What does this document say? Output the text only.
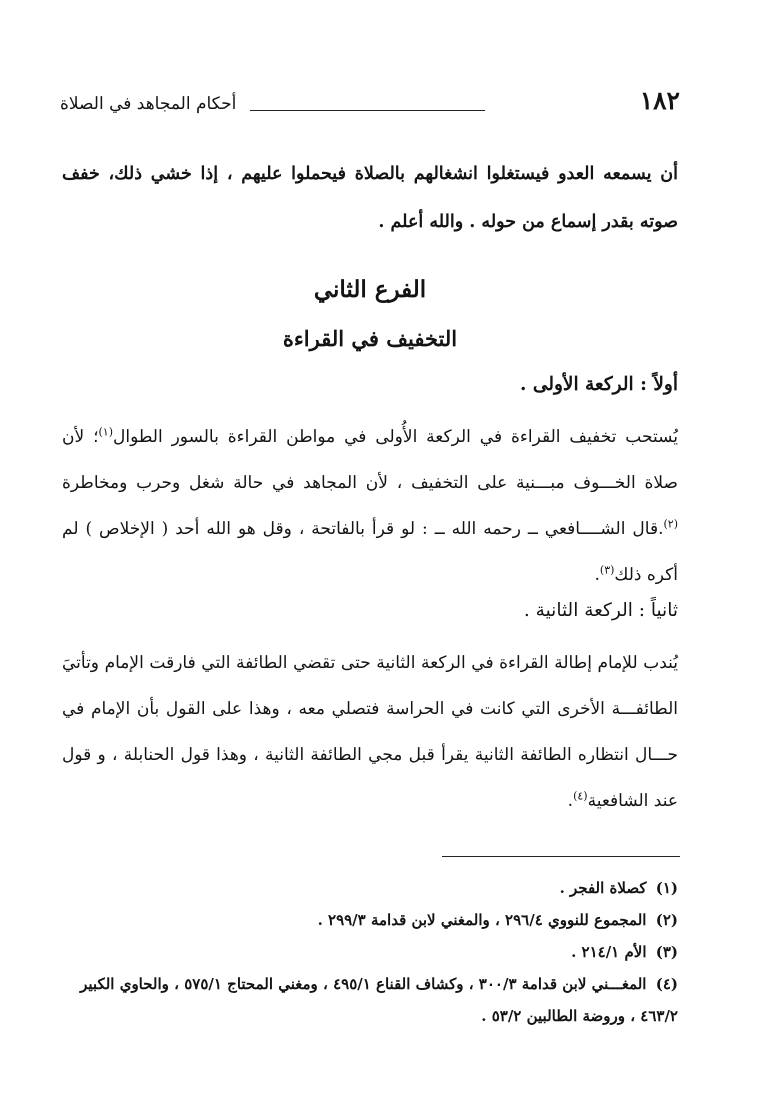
١٨٢
أحكام المجاهد في الصلاة
أن يسمعه العدو فيستغلوا انشغالهم بالصلاة فيحملوا عليهم ، إذا خشي ذلك، خفف صوته بقدر إسماع من حوله . والله أعلم .
الفرع الثاني
التخفيف في القراءة
أولاً : الركعة الأولى .
يُستحب تخفيف القراءة في الركعة الأُولى في مواطن القراءة بالسور الطوال$^{(١)}$؛ لأن صلاة الخـــوف مبـــنية على التخفيف ، لأن المجاهد في حالة شغل وحرب ومخاطرة $^{(٢)}$.قال الشــــافعي ــ رحمه الله ــ : لو قرأ بالفاتحة ، وقل هو الله أحد ( الإخلاص ) لم أكره ذلك$^{(٣)}$.
ثانياً : الركعة الثانية .
يُندب للإمام إطالة القراءة في الركعة الثانية حتى تقضي الطائفة التي فارقت الإمام وتأتيَ الطائفـــة الأخرى التي كانت في الحراسة فتصلي معه ، وهذا على القول بأن الإمام في حـــال انتظاره الطائفة الثانية يقرأ قبل مجي الطائفة الثانية ، وهذا قول الحنابلة ، و قول عند الشافعية$^{(٤)}$.

(١) كصلاة الفجر .

(٢) المجموع للنووي ٢٩٦/٤ ، والمغني لابن قدامة ٢٩٩/٣ .

(٣) الأم ٢١٤/١ .

(٤) المغـــني لابن قدامة ٣٠٠/٣ ، وكشاف القناع ٤٩٥/١ ، ومغني المحتاج ٥٧٥/١ ، والحاوي الكبير ٤٦٣/٢ ، وروضة الطالبين ٥٣/٢ .
